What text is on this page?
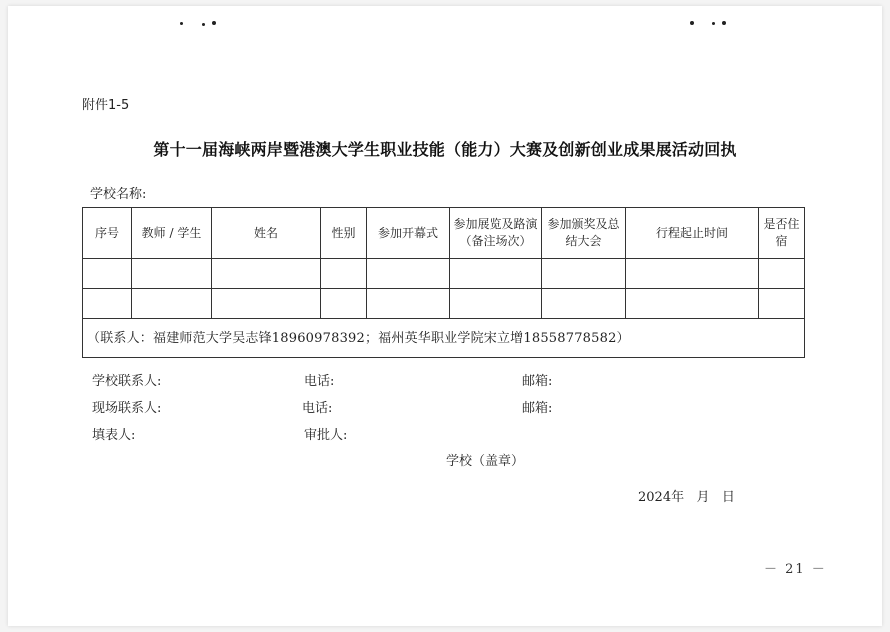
附件1-5
第十一届海峡两岸暨港澳大学生职业技能（能力）大赛及创新创业成果展活动回执
学校名称:
序号	教师 / 学生	姓名	性别	参加开幕式	参加展览及路演（备注场次）	参加颁奖及总结大会	行程起止时间	是否住宿

（联系人：福建师范大学吴志锋18960978392；福州英华职业学院宋立增18558778582）								
学校联系人:	电话:	邮箱:
现场联系人:	电话:	邮箱:
填表人:	审批人:
学校（盖章）
2024年   月   日
－ 21 －
